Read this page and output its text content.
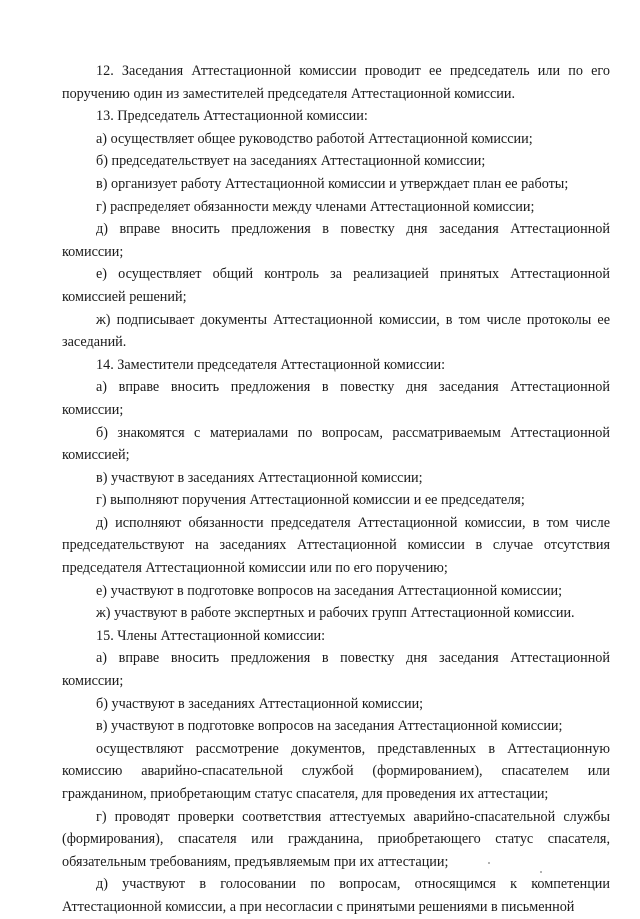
12. Заседания Аттестационной комиссии проводит ее председатель или по его поручению один из заместителей председателя Аттестационной комиссии.

13. Председатель Аттестационной комиссии:

а) осуществляет общее руководство работой Аттестационной комиссии;

б) председательствует на заседаниях Аттестационной комиссии;

в) организует работу Аттестационной комиссии и утверждает план ее работы;

г) распределяет обязанности между членами Аттестационной комиссии;

д) вправе вносить предложения в повестку дня заседания Аттестационной комиссии;

е) осуществляет общий контроль за реализацией принятых Аттестационной комиссией решений;

ж) подписывает документы Аттестационной комиссии, в том числе протоколы ее заседаний.

14. Заместители председателя Аттестационной комиссии:

а) вправе вносить предложения в повестку дня заседания Аттестационной комиссии;

б) знакомятся с материалами по вопросам, рассматриваемым Аттестационной комиссией;

в) участвуют в заседаниях Аттестационной комиссии;

г) выполняют поручения Аттестационной комиссии и ее председателя;

д) исполняют обязанности председателя Аттестационной комиссии, в том числе председательствуют на заседаниях Аттестационной комиссии в случае отсутствия председателя Аттестационной комиссии или по его поручению;

е) участвуют в подготовке вопросов на заседания Аттестационной комиссии;

ж) участвуют в работе экспертных и рабочих групп Аттестационной комиссии.

15. Члены Аттестационной комиссии:

а) вправе вносить предложения в повестку дня заседания Аттестационной комиссии;

б) участвуют в заседаниях Аттестационной комиссии;

в) участвуют в подготовке вопросов на заседания Аттестационной комиссии;

осуществляют рассмотрение документов, представленных в Аттестационную комиссию аварийно-спасательной службой (формированием), спасателем или гражданином, приобретающим статус спасателя, для проведения их аттестации;

г) проводят проверки соответствия аттестуемых аварийно-спасательной службы (формирования), спасателя или гражданина, приобретающего статус спасателя, обязательным требованиям, предъявляемым при их аттестации;

д) участвуют в голосовании по вопросам, относящимся к компетенции Аттестационной комиссии, а при несогласии с принятыми решениями в письменной
